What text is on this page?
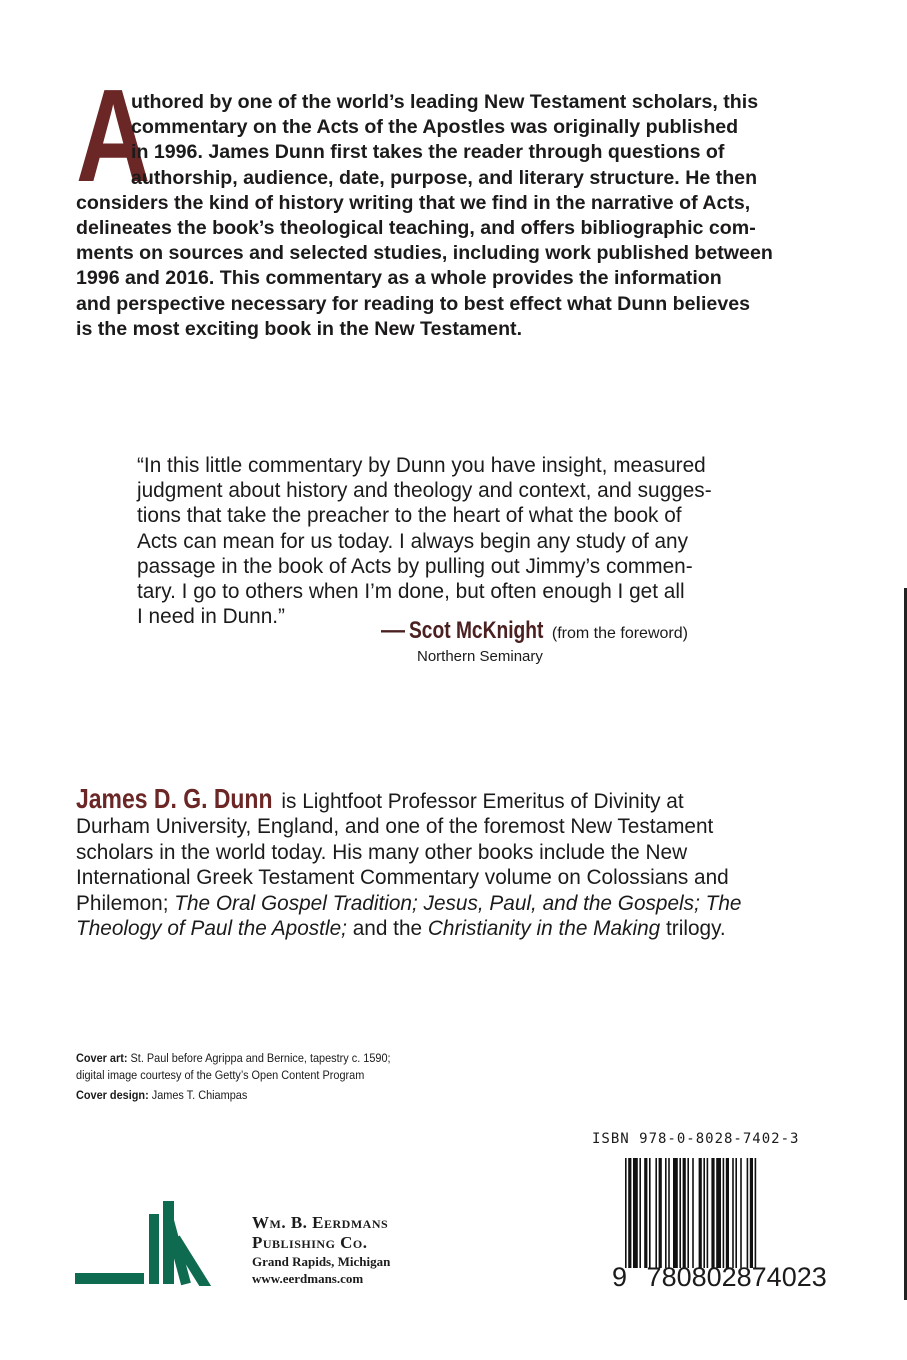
A
uthored by one of the world’s leading New Testament scholars, this
commentary on the Acts of the Apostles was originally published
in 1996. James Dunn first takes the reader through questions of
authorship, audience, date, purpose, and literary structure. He then
considers the kind of history writing that we find in the narrative of Acts,
delineates the book’s theological teaching, and offers bibliographic com-
ments on sources and selected studies, including work published between
1996 and 2016. This commentary as a whole provides the information
and perspective necessary for reading to best effect what Dunn believes
is the most exciting book in the New Testament.
“In this little commentary by Dunn you have insight, measured
judgment about history and theology and context, and sugges-
tions that take the preacher to the heart of what the book of
Acts can mean for us today. I always begin any study of any
passage in the book of Acts by pulling out Jimmy’s commen-
tary. I go to others when I’m done, but often enough I get all
I need in Dunn.”
— Scot McKnight (from the foreword)
Northern Seminary
James D. G. Dunn is Lightfoot Professor Emeritus of Divinity at
Durham University, England, and one of the foremost New Testament
scholars in the world today. His many other books include the New
International Greek Testament Commentary volume on Colossians and
Philemon; The Oral Gospel Tradition; Jesus, Paul, and the Gospels; The
Theology of Paul the Apostle; and the Christianity in the Making trilogy.
Cover art: St. Paul before Agrippa and Bernice, tapestry c. 1590;
digital image courtesy of the Getty’s Open Content Program
Cover design: James T. Chiampas
Wm. B. Eerdmans
Publishing Co.
Grand Rapids, Michigan
www.eerdmans.com
ISBN 978-0-8028-7402-3
9 780802874023
